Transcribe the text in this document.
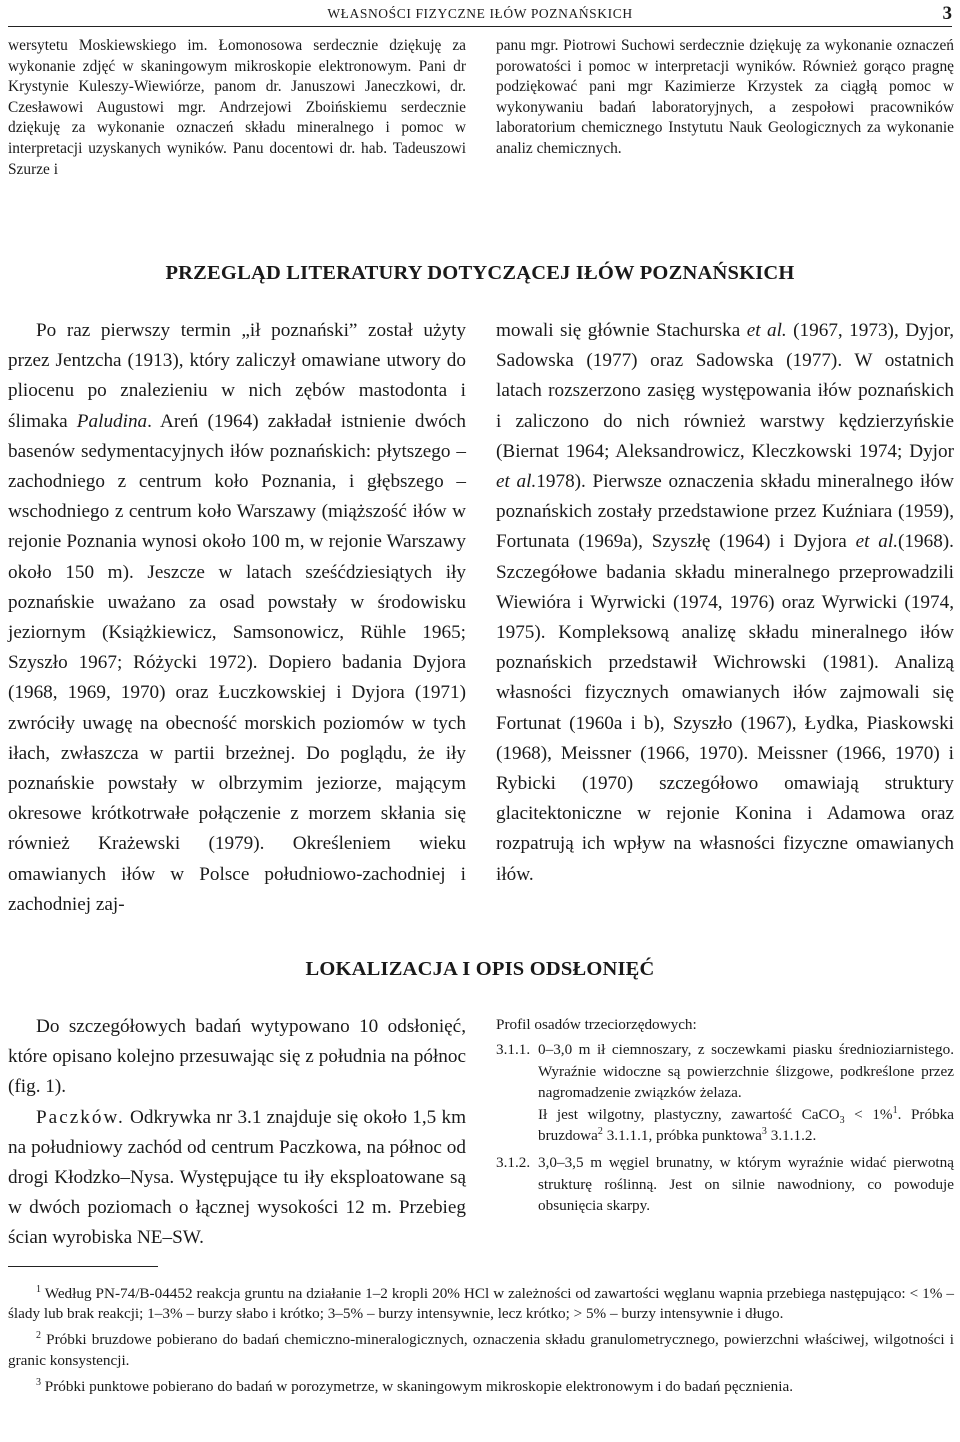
WŁASNOŚCI FIZYCZNE IŁÓW POZNAŃSKICH	3

wersytetu Moskiewskiego im. Łomonosowa serdecznie dziękuję za wykonanie zdjęć w skaningowym mikroskopie elektronowym. Pani dr Krystynie Kuleszy-Wiewiórze, panom dr. Januszowi Janeczkowi, dr. Czesławowi Augustowi mgr. Andrzejowi Zboińskiemu serdecznie dziękuję za wykonanie oznaczeń składu mineralnego i pomoc w interpretacji uzyskanych wyników. Panu docentowi dr. hab. Tadeuszowi Szurze i

panu mgr. Piotrowi Suchowi serdecznie dziękuję za wykonanie oznaczeń porowatości i pomoc w interpretacji wyników. Również gorąco pragnę podziękować pani mgr Kazimierze Krzystek za ciągłą pomoc w wykonywaniu badań laboratoryjnych, a zespołowi pracowników laboratorium chemicznego Instytutu Nauk Geologicznych za wykonanie analiz chemicznych.

PRZEGLĄD LITERATURY DOTYCZĄCEJ IŁÓW POZNAŃSKICH

Po raz pierwszy termin „ił poznański” został użyty przez Jentzcha (1913), który zaliczył omawiane utwory do pliocenu po znalezieniu w nich zębów mastodonta i ślimaka Paludina. Areń (1964) zakładał istnienie dwóch basenów sedymentacyjnych iłów poznańskich: płytszego – zachodniego z centrum koło Poznania, i głębszego – wschodniego z centrum koło Warszawy (miąższość iłów w rejonie Poznania wynosi około 100 m, w rejonie Warszawy około 150 m). Jeszcze w latach sześćdziesiątych iły poznańskie uważano za osad powstały w środowisku jeziornym (Książkiewicz, Samsonowicz, Rühle 1965; Szyszło 1967; Różycki 1972). Dopiero badania Dyjora (1968, 1969, 1970) oraz Łuczkowskiej i Dyjora (1971) zwróciły uwagę na obecność morskich poziomów w tych iłach, zwłaszcza w partii brzeżnej. Do poglądu, że iły poznańskie powstały w olbrzymim jeziorze, mającym okresowe krótkotrwałe połączenie z morzem skłania się również Krażewski (1979). Określeniem wieku omawianych iłów w Polsce południowo-zachodniej i zachodniej zaj-

mowali się głównie Stachurska et al. (1967, 1973), Dyjor, Sadowska (1977) oraz Sadowska (1977). W ostatnich latach rozszerzono zasięg występowania iłów poznańskich i zaliczono do nich również warstwy kędzierzyńskie (Biernat 1964; Aleksandrowicz, Kleczkowski 1974; Dyjor et al.1978). Pierwsze oznaczenia składu mineralnego iłów poznańskich zostały przedstawione przez Kuźniara (1959), Fortunata (1969a), Szyszłę (1964) i Dyjora et al.(1968). Szczegółowe badania składu mineralnego przeprowadzili Wiewióra i Wyrwicki (1974, 1976) oraz Wyrwicki (1974, 1975). Kompleksową analizę składu mineralnego iłów poznańskich przedstawił Wichrowski (1981). Analizą własności fizycznych omawianych iłów zajmowali się Fortunat (1960a i b), Szyszło (1967), Łydka, Piaskowski (1968), Meissner (1966, 1970). Meissner (1966, 1970) i Rybicki (1970) szczegółowo omawiają struktury glacitektoniczne w rejonie Konina i Adamowa oraz rozpatrują ich wpływ na własności fizyczne omawianych iłów.

LOKALIZACJA I OPIS ODSŁONIĘĆ

Do szczegółowych badań wytypowano 10 odsłonięć, które opisano kolejno przesuwając się z południa na północ (fig. 1).

Paczków. Odkrywka nr 3.1 znajduje się około 1,5 km na południowy zachód od centrum Paczkowa, na północ od drogi Kłodzko–Nysa. Występujące tu iły eksploatowane są w dwóch poziomach o łącznej wysokości 12 m. Przebieg ścian wyrobiska NE–SW.

Profil osadów trzeciorzędowych:

3.1.1. 0–3,0 m ił ciemnoszary, z soczewkami piasku średnioziarnistego. Wyraźnie widoczne są powierzchnie ślizgowe, podkreślone przez nagromadzenie związków żelaza.

Ił jest wilgotny, plastyczny, zawartość CaCO$_3$ < 1%$^1$. Próbka bruzdowa$^2$ 3.1.1.1, próbka punktowa$^3$ 3.1.1.2.

3.1.2. 3,0–3,5 m węgiel brunatny, w którym wyraźnie widać pierwotną strukturę roślinną. Jest on silnie nawodniony, co powoduje obsunięcia skarpy.

$^1$ Według PN-74/B-04452 reakcja gruntu na działanie 1–2 kropli 20% HCl w zależności od zawartości węglanu wapnia przebiega następująco: < 1% – ślady lub brak reakcji; 1–3% – burzy słabo i krótko; 3–5% – burzy intensywnie, lecz krótko; > 5% – burzy intensywnie i długo.

$^2$ Próbki bruzdowe pobierano do badań chemiczno-mineralogicznych, oznaczenia składu granulometrycznego, powierzchni właściwej, wilgotności i granic konsystencji.

$^3$ Próbki punktowe pobierano do badań w porozymetrze, w skaningowym mikroskopie elektronowym i do badań pęcznienia.
